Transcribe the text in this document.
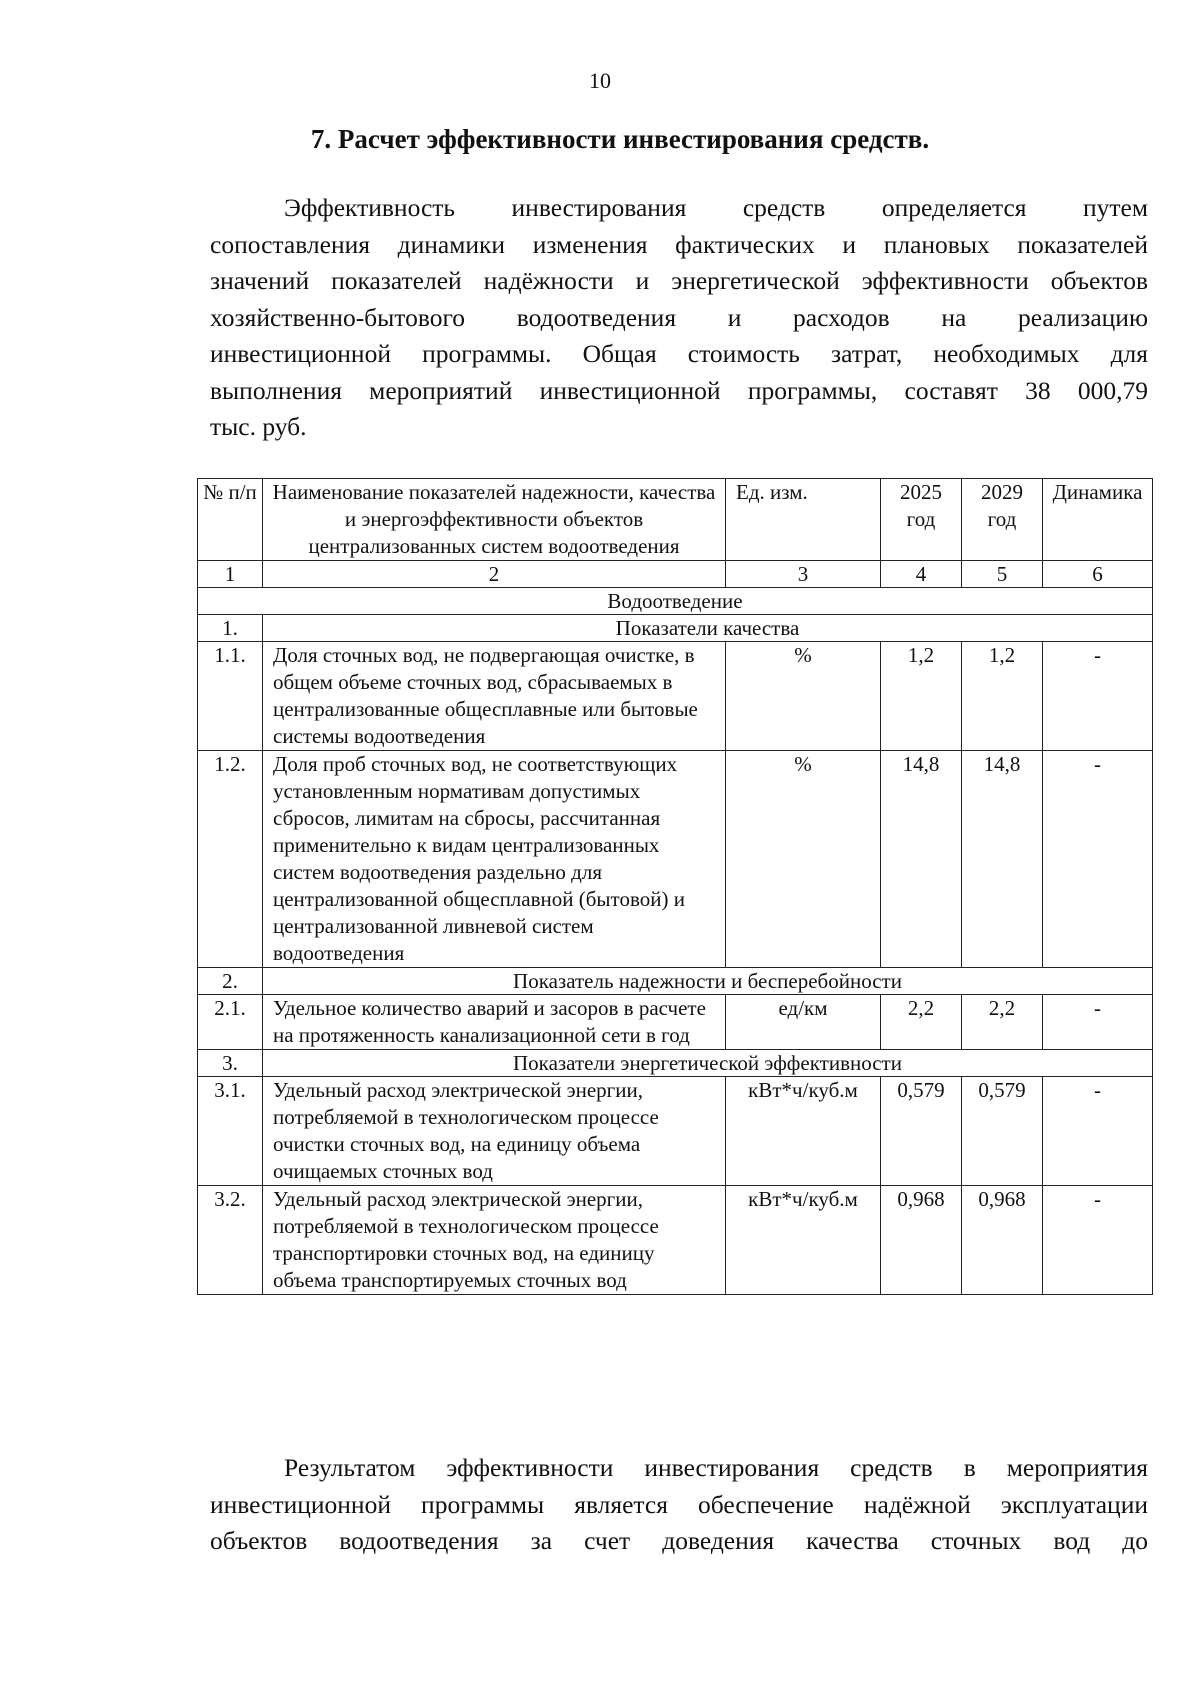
10
7. Расчет эффективности инвестирования средств.
Эффективность инвестирования средств определяется путем
сопоставления динамики изменения фактических и плановых показателей
значений показателей надёжности и энергетической эффективности объектов
хозяйственно-бытового водоотведения и расходов на реализацию
инвестиционной программы. Общая стоимость затрат, необходимых для
выполнения мероприятий инвестиционной программы, составят 38 000,79
тыс. руб.
№ п/п	Наименование показателей надежности, качества и энергоэффективности объектов централизованных систем водоотведения	Ед. изм.	2025 год	2029 год	Динамика
1	2	3	4	5	6
Водоотведение					
1.	Показатели качества				
1.1.	Доля сточных вод, не подвергающая очистке, в общем объеме сточных вод, сбрасываемых в централизованные общесплавные или бытовые системы водоотведения	%	1,2	1,2	-
1.2.	Доля проб сточных вод, не соответствующих установленным нормативам допустимых сбросов, лимитам на сбросы, рассчитанная применительно к видам централизованных систем водоотведения раздельно для централизованной общесплавной (бытовой) и централизованной ливневой систем водоотведения	%	14,8	14,8	-
2.	Показатель надежности и бесперебойности				
2.1.	Удельное количество аварий и засоров в расчете на протяженность канализационной сети в год	ед/км	2,2	2,2	-
3.	Показатели энергетической эффективности				
3.1.	Удельный расход электрической энергии, потребляемой в технологическом процессе очистки сточных вод, на единицу объема очищаемых сточных вод	кВт*ч/куб.м	0,579	0,579	-
3.2.	Удельный расход электрической энергии, потребляемой в технологическом процессе транспортировки сточных вод, на единицу объема транспортируемых сточных вод	кВт*ч/куб.м	0,968	0,968	-
Результатом эффективности инвестирования средств в мероприятия
инвестиционной программы является обеспечение надёжной эксплуатации
объектов водоотведения за счет доведения качества сточных вод до
